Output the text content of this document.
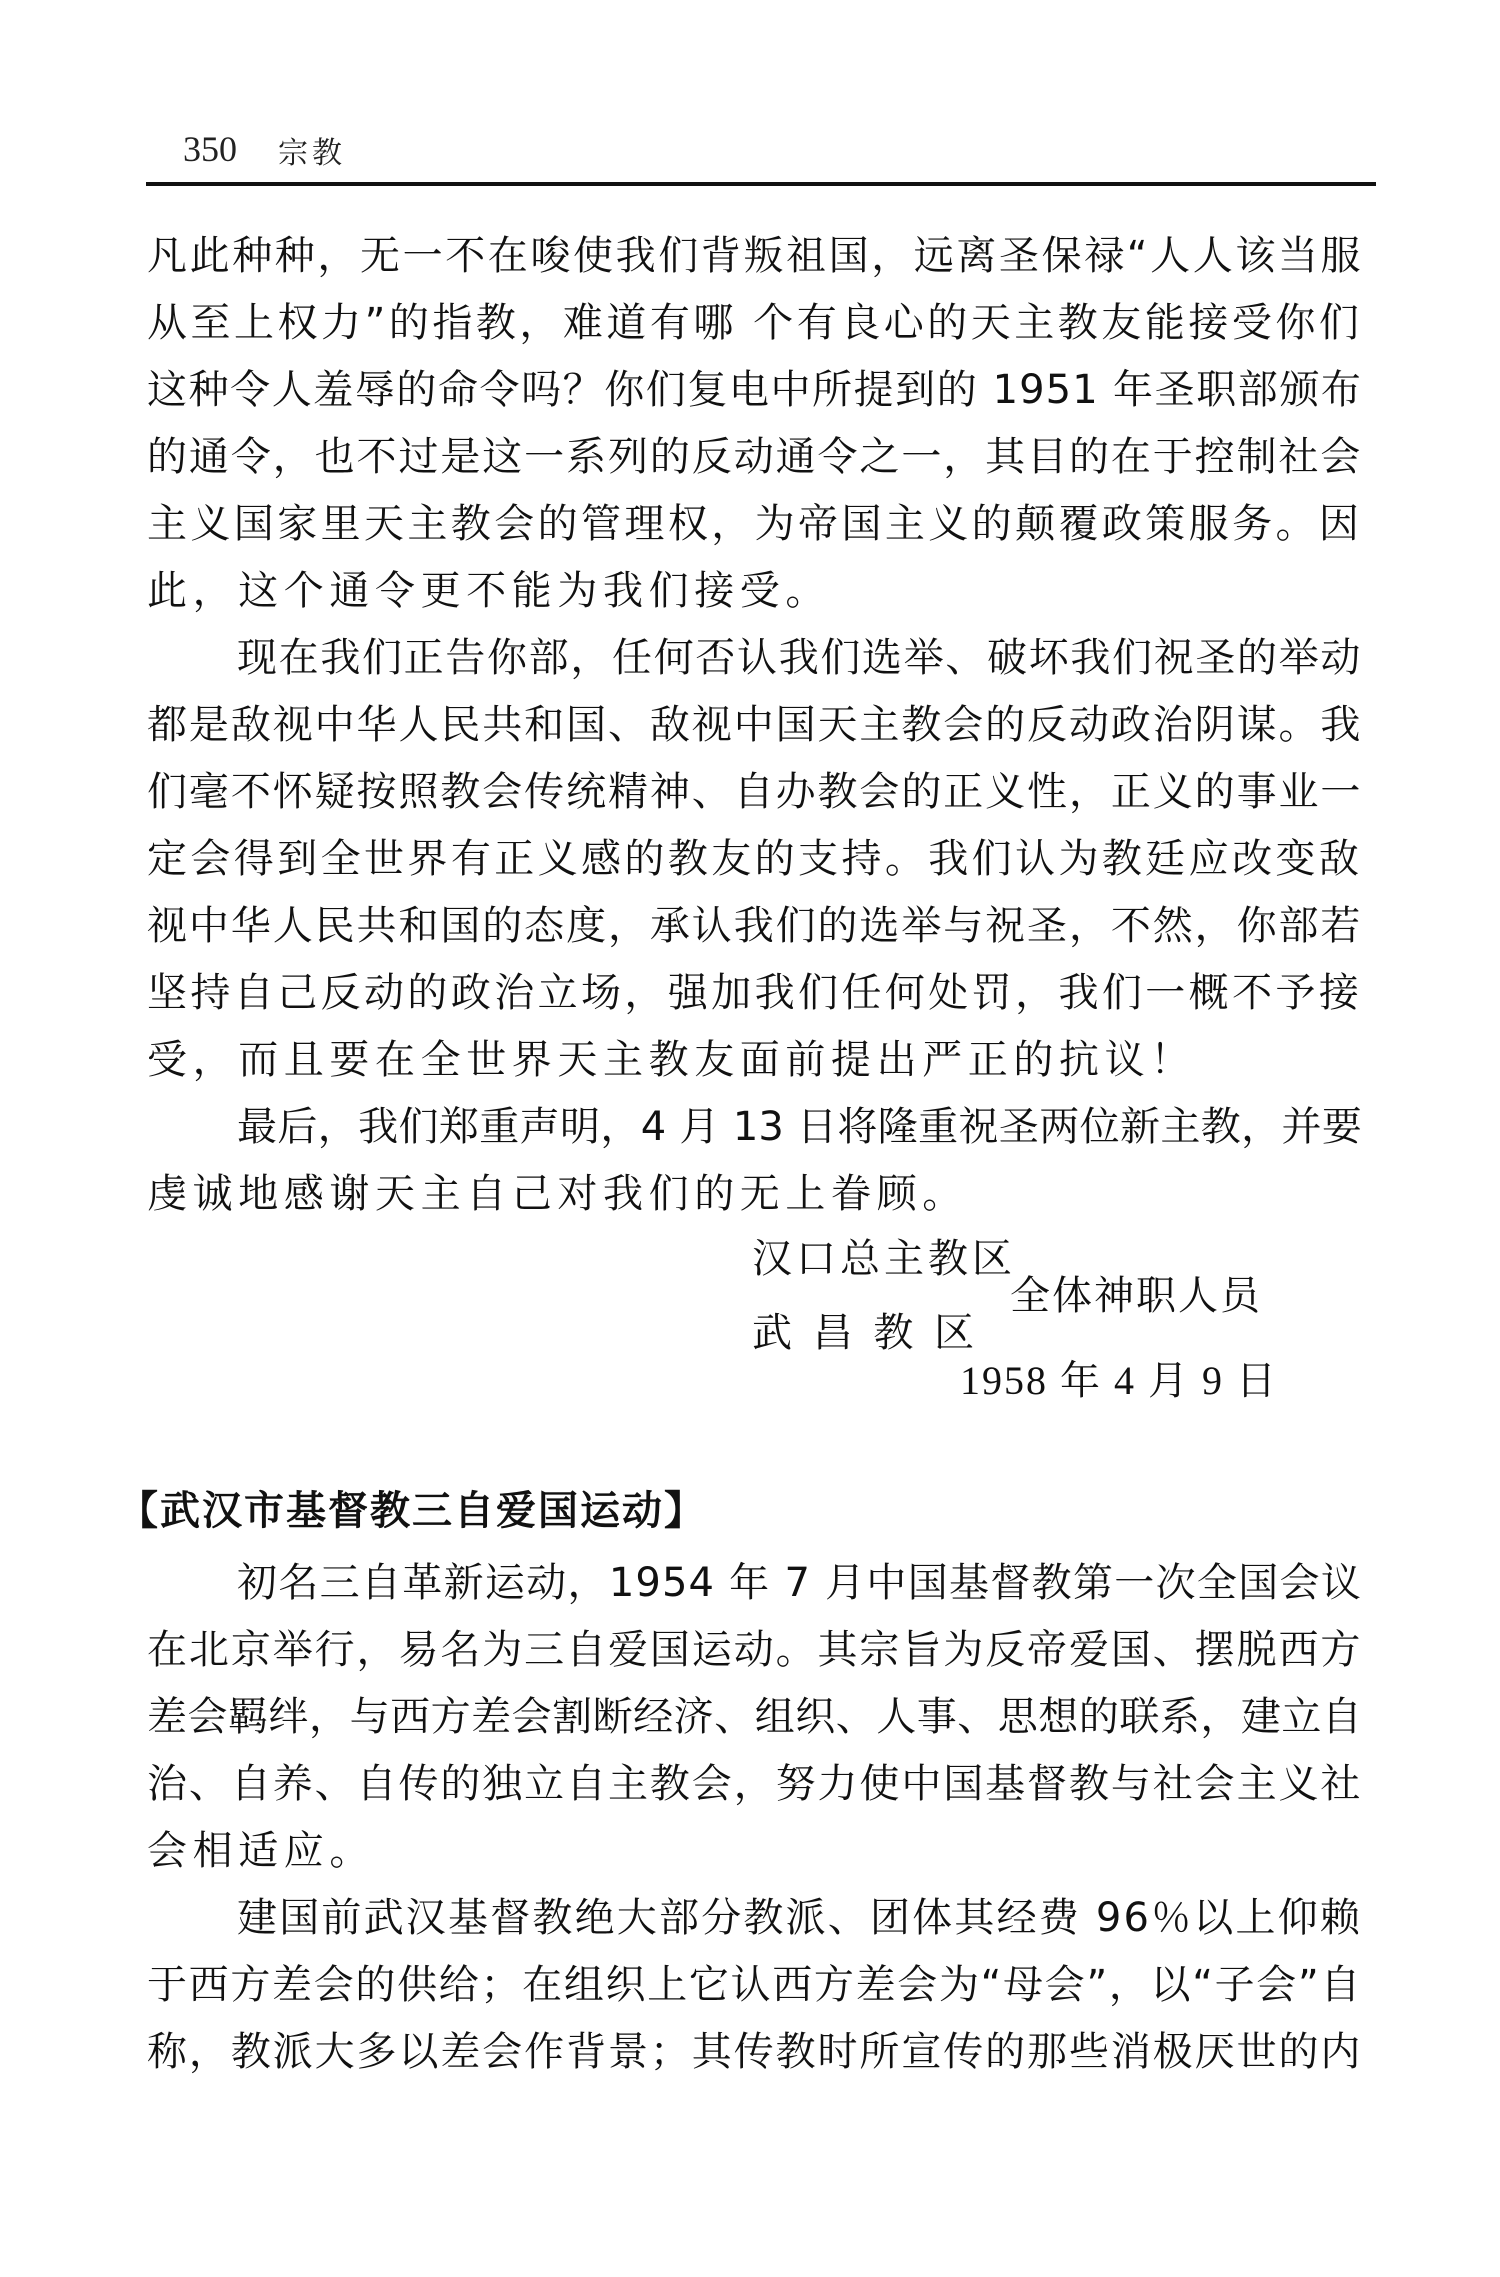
350 宗教
凡此种种，无一不在唆使我们背叛祖国，远离圣保禄“人人该当服
从至上权力”的指教，难道有哪 个有良心的天主教友能接受你们
这种令人羞辱的命令吗？你们复电中所提到的 1951 年圣职部颁布
的通令，也不过是这一系列的反动通令之一，其目的在于控制社会
主义国家里天主教会的管理权，为帝国主义的颠覆政策服务。因
此，这个通令更不能为我们接受。
现在我们正告你部，任何否认我们选举、破坏我们祝圣的举动
都是敌视中华人民共和国、敌视中国天主教会的反动政治阴谋。我
们毫不怀疑按照教会传统精神、自办教会的正义性，正义的事业一
定会得到全世界有正义感的教友的支持。我们认为教廷应改变敌
视中华人民共和国的态度，承认我们的选举与祝圣，不然，你部若
坚持自己反动的政治立场，强加我们任何处罚，我们一概不予接
受，而且要在全世界天主教友面前提出严正的抗议！
最后，我们郑重声明，4 月 13 日将隆重祝圣两位新主教，并要
虔诚地感谢天主自己对我们的无上眷顾。
汉口总主教区
武 昌 教 区
全体神职人员
1958 年 4 月 9 日
【武汉市基督教三自爱国运动】
初名三自革新运动，1954 年 7 月中国基督教第一次全国会议
在北京举行，易名为三自爱国运动。其宗旨为反帝爱国、摆脱西方
差会羁绊，与西方差会割断经济、组织、人事、思想的联系，建立自
治、自养、自传的独立自主教会，努力使中国基督教与社会主义社
会相适应。
建国前武汉基督教绝大部分教派、团体其经费 96％以上仰赖
于西方差会的供给；在组织上它认西方差会为“母会”，以“子会”自
称，教派大多以差会作背景；其传教时所宣传的那些消极厌世的内
